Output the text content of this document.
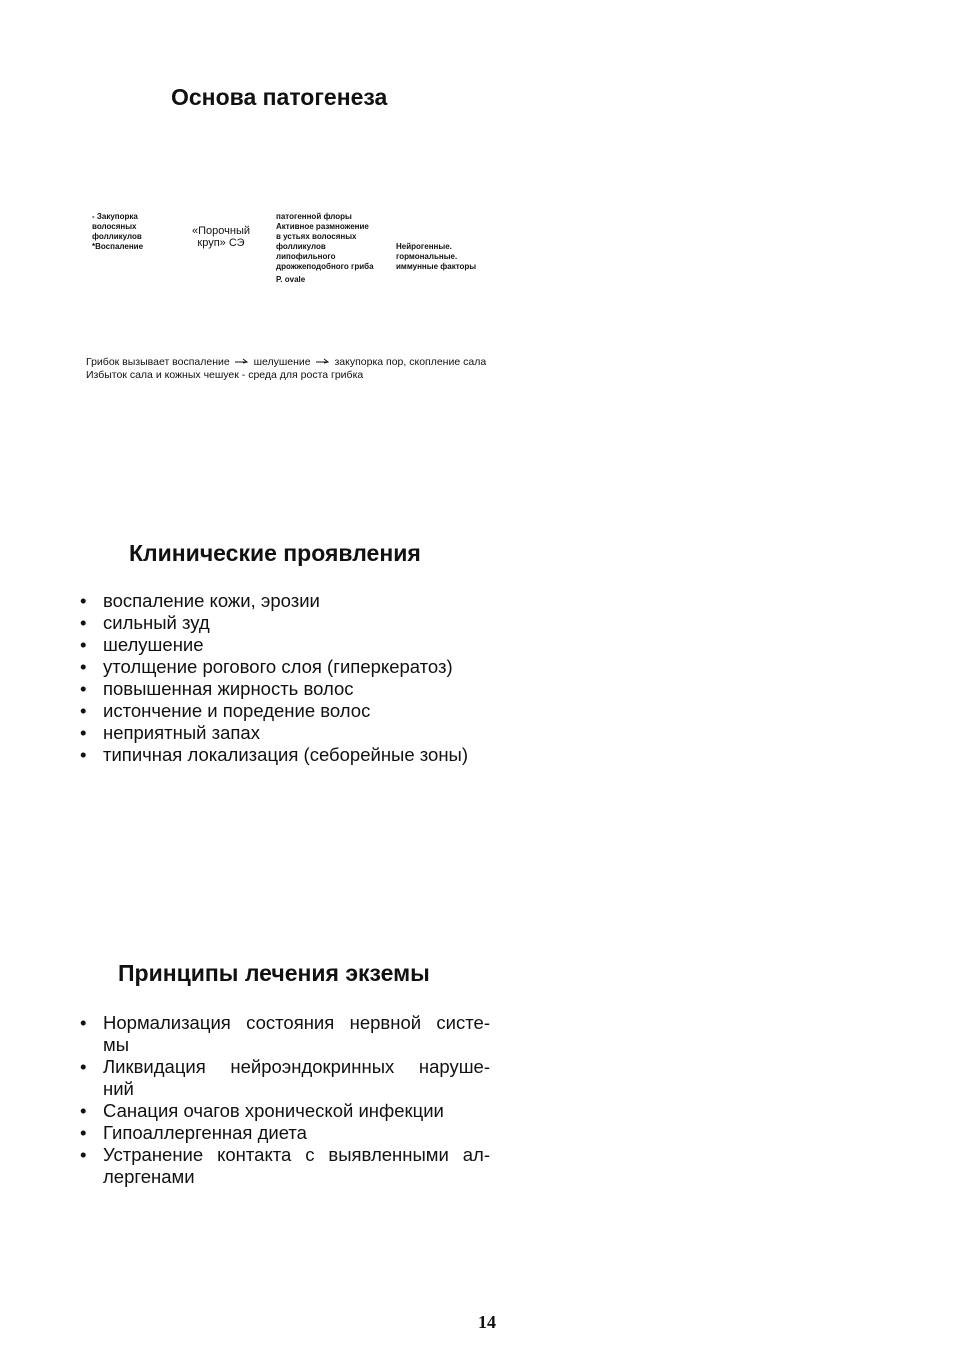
Основа патогенеза
- Закупорка
волосяных
фолликулов
*Воспаление
«Порочный
круп» СЭ
патогенной флоры
Активное размножение
в устьях волосяных
фолликулов
липофильного
дрожжеподобного гриба
P. ovale
Нейрогенные.
гормональные.
иммунные факторы
Грибок вызывает воспаление шелушение закупорка пор, скопление сала
Избыток сала и кожных чешуек - среда для роста грибка
Клинические проявления
• воспаление кожи, эрозии
• сильный зуд
• шелушение
• утолщение рогового слоя (гиперкератоз)
• повышенная жирность волос
• истончение и поредение волос
• неприятный запах
• типичная локализация (себорейные зоны)
Принципы лечения экземы
• Нормализация состояния нервной систе-
мы
• Ликвидация нейроэндокринных наруше-
ний
• Санация очагов хронической инфекции
• Гипоаллергенная диета
• Устранение контакта с выявленными ал-
лергенами
14
